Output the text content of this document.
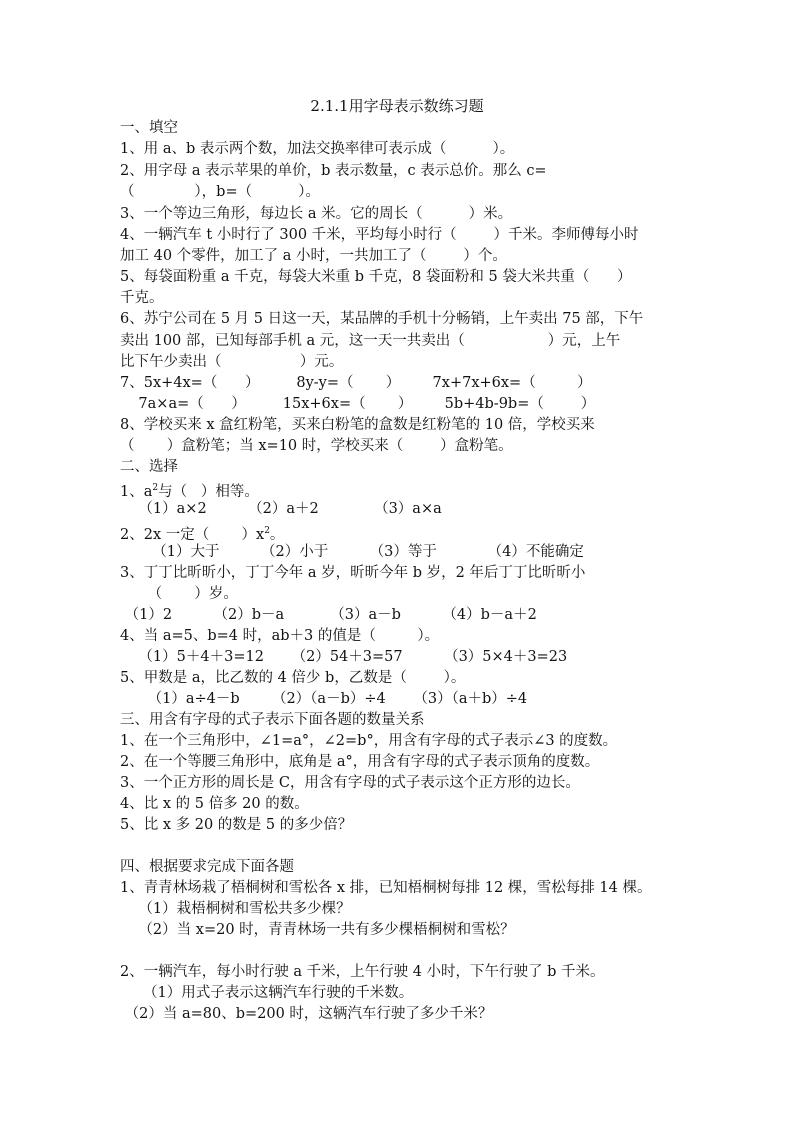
2.1.1用字母表示数练习题
一、填空
1、用 a、b 表示两个数，加法交换率律可表示成（          ）。
2、用字母 a 表示苹果的单价，b 表示数量，c 表示总价。那么 c=
（             ），b=（          ）。
3、一个等边三角形，每边长 a 米。它的周长（          ）米。
4、一辆汽车 t 小时行了 300 千米，平均每小时行（        ）千米。李师傅每小时
加工 40 个零件，加工了 a 小时，一共加工了（        ）个。
5、每袋面粉重 a 千克，每袋大米重 b 千克，8 袋面粉和 5 袋大米共重（      ）
千克。
6、苏宁公司在 5 月 5 日这一天，某品牌的手机十分畅销，上午卖出 75 部，下午
卖出 100 部，已知每部手机 a 元，这一天一共卖出（                  ）元，上午
比下午少卖出（                 ）元。
7、5x+4x=（      ）        8y-y=（       ）       7x+7x+6x=（         ）
7a×a=（      ）        15x+6x=（       ）       5b+4b-9b=（        ）
8、学校买来 x 盒红粉笔，买来白粉笔的盒数是红粉笔的 10 倍，学校买来
（       ）盒粉笔；当 x=10 时，学校买来（        ）盒粉笔。
二、选择
1、$a^2$与（   ）相等。
（1）a×2         （2）a＋2            （3）a×a
2、2x 一定（       ）$x^2$。
（1）大于         （2）小于         （3）等于           （4）不能确定
3、丁丁比昕昕小，丁丁今年 a 岁，昕昕今年 b 岁，2 年后丁丁比昕昕小
（       ）岁。
（1）2         （2）b－a          （3）a－b         （4）b－a＋2
4、当 a=5、b=4 时，ab＋3 的值是（         ）。
（1）5＋4＋3=12      （2）54＋3=57         （3）5×4＋3=23
5、甲数是 a，比乙数的 4 倍少 b，乙数是（        ）。
（1）a÷4－b       （2）（a－b）÷4      （3）（a＋b）÷4
三、用含有字母的式子表示下面各题的数量关系
1、在一个三角形中，∠1=a°，∠2=b°，用含有字母的式子表示∠3 的度数。
2、在一个等腰三角形中，底角是 a°，用含有字母的式子表示顶角的度数。
3、一个正方形的周长是 C，用含有字母的式子表示这个正方形的边长。
4、比 x 的 5 倍多 20 的数。
5、比 x 多 20 的数是 5 的多少倍？
四、根据要求完成下面各题
1、青青林场栽了梧桐树和雪松各 x 排，已知梧桐树每排 12 棵，雪松每排 14 棵。
（1）栽梧桐树和雪松共多少棵？
（2）当 x=20 时，青青林场一共有多少棵梧桐树和雪松？
2、一辆汽车，每小时行驶 a 千米，上午行驶 4 小时，下午行驶了 b 千米。
（1）用式子表示这辆汽车行驶的千米数。
（2）当 a=80、b=200 时，这辆汽车行驶了多少千米？
